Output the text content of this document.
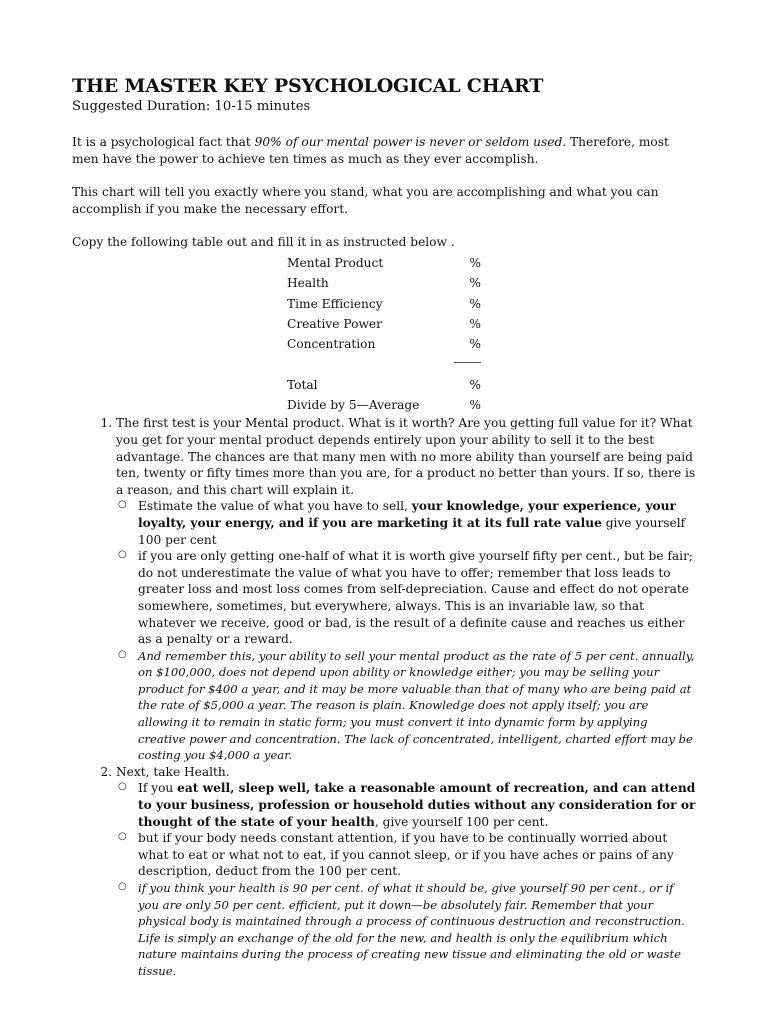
THE MASTER KEY PSYCHOLOGICAL CHART
Suggested Duration: 10-15 minutes

It is a psychological fact that 90% of our mental power is never or seldom used. Therefore, most men have the power to achieve ten times as much as they ever accomplish.

This chart will tell you exactly where you stand, what you are accomplishing and what you can accomplish if you make the necessary effort.

Copy the following table out and fill it in as instructed below .

Mental Product	%
Health	%
Time Efficiency	%
Creative Power	%
Concentration	%
Total	%
Divide by 5—Average	%
1. The first test is your Mental product. What is it worth? Are you getting full value for it? What you get for your mental product depends entirely upon your ability to sell it to the best advantage. The chances are that many men with no more ability than yourself are being paid ten, twenty or fifty times more than you are, for a product no better than yours. If so, there is a reason, and this chart will explain it.
○ Estimate the value of what you have to sell, your knowledge, your experience, your loyalty, your energy, and if you are marketing it at its full rate value give yourself 100 per cent
○ if you are only getting one-half of what it is worth give yourself fifty per cent., but be fair; do not underestimate the value of what you have to offer; remember that loss leads to greater loss and most loss comes from self-depreciation. Cause and effect do not operate somewhere, sometimes, but everywhere, always. This is an invariable law, so that whatever we receive, good or bad, is the result of a definite cause and reaches us either as a penalty or a reward.
○ And remember this, your ability to sell your mental product as the rate of 5 per cent. annually, on $100,000, does not depend upon ability or knowledge either; you may be selling your product for $400 a year, and it may be more valuable than that of many who are being paid at the rate of $5,000 a year. The reason is plain. Knowledge does not apply itself; you are allowing it to remain in static form; you must convert it into dynamic form by applying creative power and concentration. The lack of concentrated, intelligent, charted effort may be costing you $4,000 a year.
2. Next, take Health.
○ If you eat well, sleep well, take a reasonable amount of recreation, and can attend to your business, profession or household duties without any consideration for or thought of the state of your health, give yourself 100 per cent.
○ but if your body needs constant attention, if you have to be continually worried about what to eat or what not to eat, if you cannot sleep, or if you have aches or pains of any description, deduct from the 100 per cent.
○ if you think your health is 90 per cent. of what it should be, give yourself 90 per cent., or if you are only 50 per cent. efficient, put it down—be absolutely fair. Remember that your physical body is maintained through a process of continuous destruction and reconstruction. Life is simply an exchange of the old for the new, and health is only the equilibrium which nature maintains during the process of creating new tissue and eliminating the old or waste tissue.
